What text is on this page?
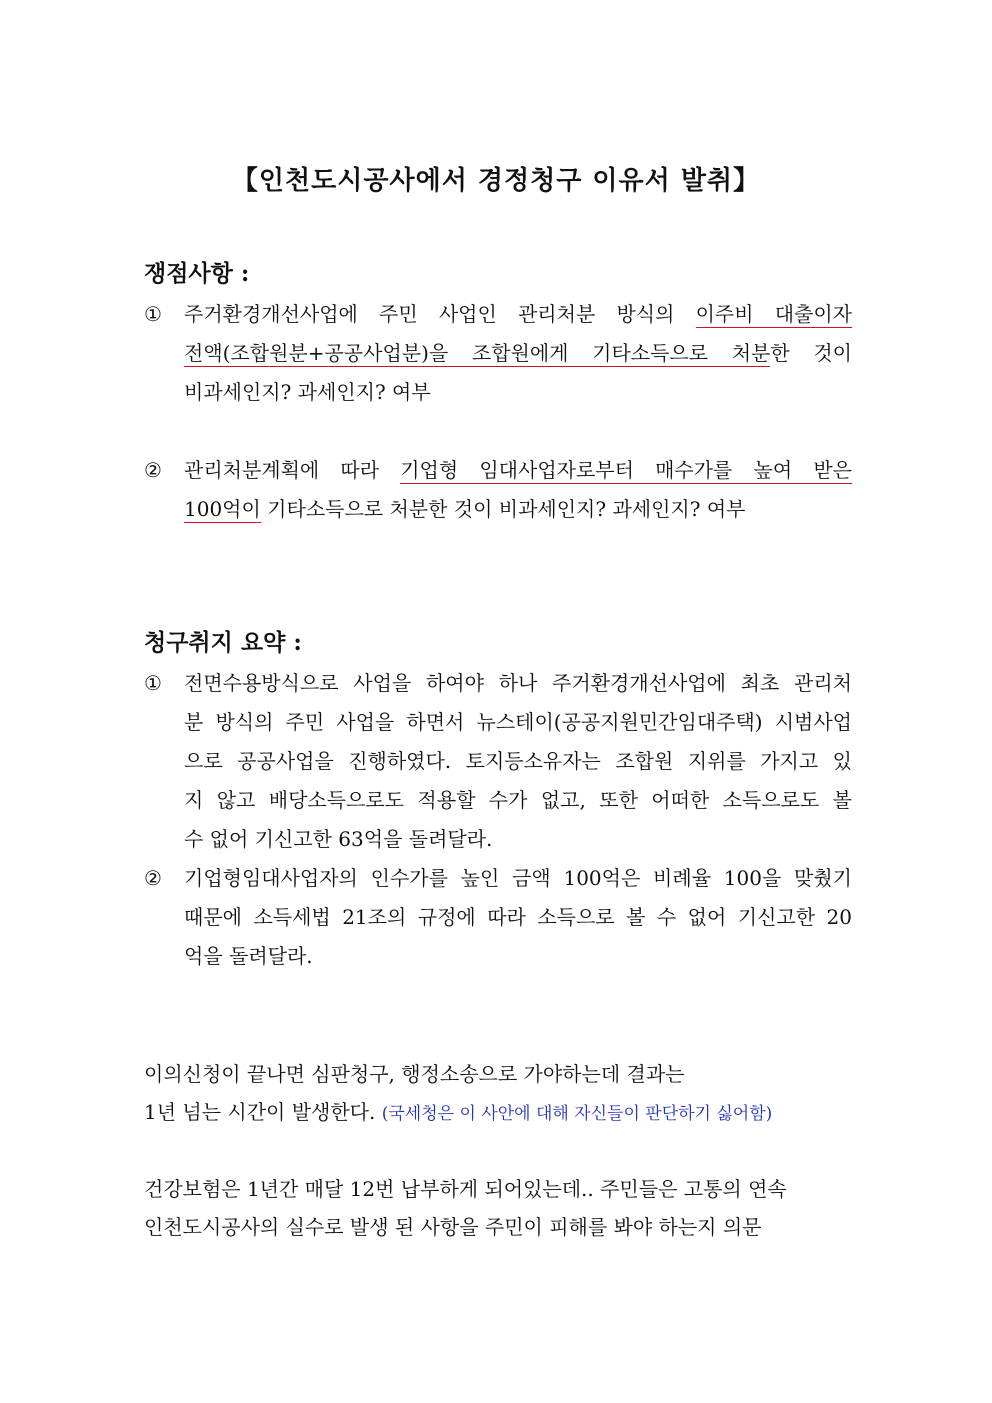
【인천도시공사에서 경정청구 이유서 발취】
쟁점사항 :
①	주거환경개선사업에 주민 사업인 관리처분 방식의 이주비 대출이자
전액(조합원분+공공사업분)을 조합원에게 기타소득으로 처분한 것이
비과세인지? 과세인지? 여부
②	관리처분계획에 따라 기업형 임대사업자로부터 매수가를 높여 받은
100억이 기타소득으로 처분한 것이 비과세인지? 과세인지? 여부
청구취지 요약 :
①	전면수용방식으로 사업을 하여야 하나 주거환경개선사업에 최초 관리처
분 방식의 주민 사업을 하면서 뉴스테이(공공지원민간임대주택) 시범사업
으로 공공사업을 진행하였다. 토지등소유자는 조합원 지위를 가지고 있
지 않고 배당소득으로도 적용할 수가 없고, 또한 어떠한 소득으로도 볼
수 없어 기신고한 63억을 돌려달라.
②	기업형임대사업자의 인수가를 높인 금액 100억은 비례율 100을 맞췄기
때문에 소득세법 21조의 규정에 따라 소득으로 볼 수 없어 기신고한 20
억을 돌려달라.
이의신청이 끝나면 심판청구, 행정소송으로 가야하는데 결과는
1년 넘는 시간이 발생한다. (국세청은 이 사안에 대해 자신들이 판단하기 싫어함)
건강보험은 1년간 매달 12번 납부하게 되어있는데.. 주민들은 고통의 연속
인천도시공사의 실수로 발생 된 사항을 주민이 피해를 봐야 하는지 의문
